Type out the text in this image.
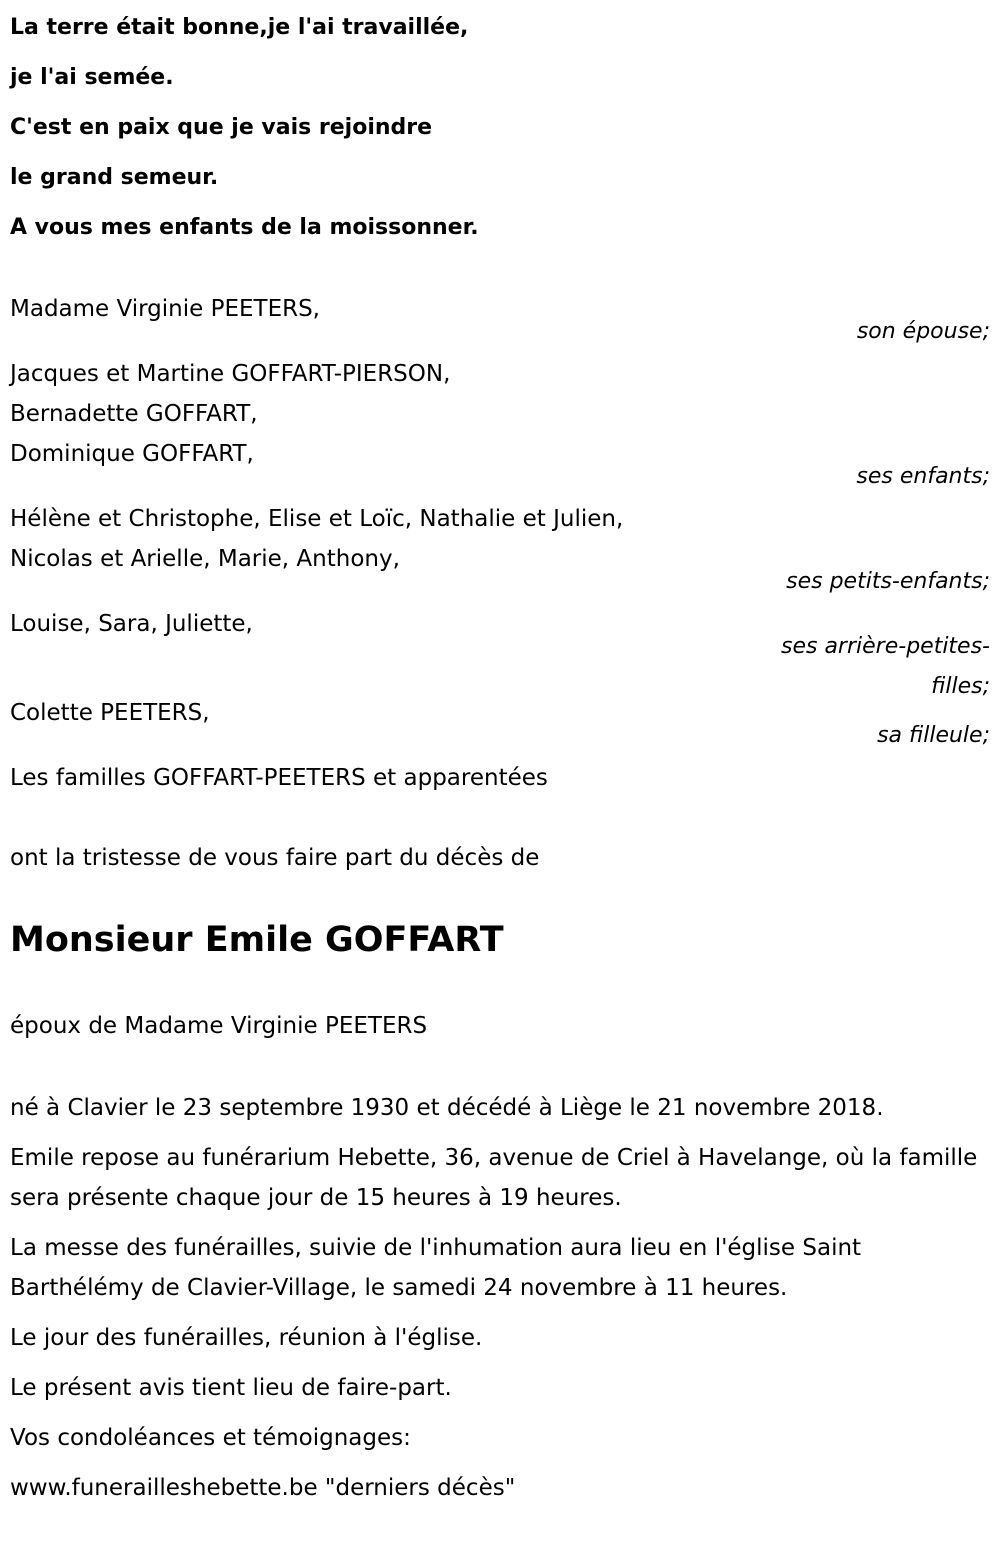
La terre était bonne,je l'ai travaillée,
je l'ai semée.
C'est en paix que je vais rejoindre
le grand semeur.
A vous mes enfants de la moissonner.
Madame Virginie PEETERS,
son épouse;
Jacques et Martine GOFFART-PIERSON,
Bernadette GOFFART,
Dominique GOFFART,
ses enfants;
Hélène et Christophe, Elise et Loïc, Nathalie et Julien,
Nicolas et Arielle, Marie, Anthony,
ses petits-enfants;
Louise, Sara, Juliette,
ses arrière-petites-filles;
Colette PEETERS,
sa filleule;
Les familles GOFFART-PEETERS et apparentées
ont la tristesse de vous faire part du décès de
Monsieur Emile GOFFART
époux de Madame Virginie PEETERS
né à Clavier le 23 septembre 1930 et décédé à Liège le 21 novembre 2018.
Emile repose au funérarium Hebette, 36, avenue de Criel à Havelange, où la famille sera présente chaque jour de 15 heures à 19 heures.
La messe des funérailles, suivie de l'inhumation aura lieu en l'église Saint Barthélémy de Clavier-Village, le samedi 24 novembre à 11 heures.
Le jour des funérailles, réunion à l'église.
Le présent avis tient lieu de faire-part.
Vos condoléances et témoignages:
www.funerailleshebette.be "derniers décès"
